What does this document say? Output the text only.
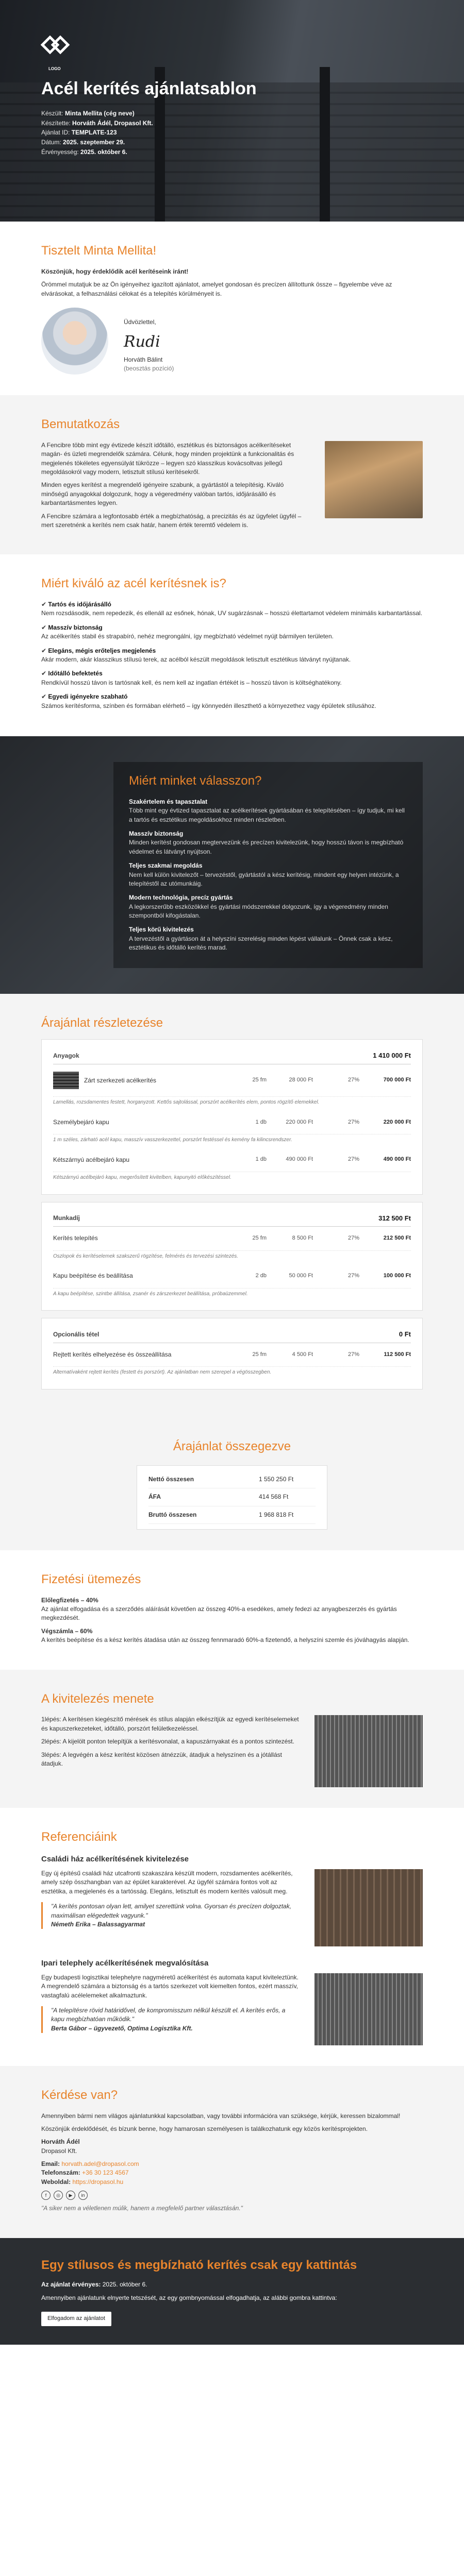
LOGO
Acél kerítés ajánlatsablon
Készült: Minta Mellita (cég neve)
Készítette: Horváth Ádél, Dropasol Kft.
Ajánlat ID: TEMPLATE-123
Dátum: 2025. szeptember 29.
Érvényesség: 2025. október 6.
Tisztelt Minta Mellita!

Köszönjük, hogy érdeklődik acél kerítéseink iránt!

Örömmel mutatjuk be az Ön igényeihez igazított ajánlatot, amelyet gondosan és precízen állítottunk össze – figyelembe véve az elvárásokat, a felhasználási célokat és a telepítés körülményeit is.

Üdvözlettel,
Rudi
Horváth Bálint
(beosztás pozíció)
Bemutatkozás

A Fencibre több mint egy évtizede készít időtálló, esztétikus és biztonságos acélkerítéseket magán- és üzleti megrendelők számára. Célunk, hogy minden projektünk a funkcionalitás és megjelenés tökéletes egyensúlyát tükrözze – legyen szó klasszikus kovácsoltvas jellegű megoldásokról vagy modern, letisztult stílusú kerítésekről.

Minden egyes kerítést a megrendelő igényeire szabunk, a gyártástól a telepítésig. Kiváló minőségű anyagokkal dolgozunk, hogy a végeredmény valóban tartós, időjárásálló és karbantartásmentes legyen.

A Fencibre számára a legfontosabb érték a megbízhatóság, a precizitás és az ügyfelet ügyfél – mert szeretnénk a kerítés nem csak határ, hanem érték teremtő védelem is.

Miért kiváló az acél kerítésnek is?
✔ Tartós és időjárásálló
Nem rozsdásodik, nem repedezik, és ellenáll az esőnek, hónak, UV sugárzásnak – hosszú élettartamot védelem minimális karbantartással.
✔ Masszív biztonság
Az acélkerítés stabil és strapabíró, nehéz megrongálni, így megbízható védelmet nyújt bármilyen területen.
✔ Elegáns, mégis erőteljes megjelenés
Akár modern, akár klasszikus stílusú terek, az acélból készült megoldások letisztult esztétikus látványt nyújtanak.
✔ Időtálló befektetés
Rendkívül hosszú távon is tartósnak kell, és nem kell az ingatlan értékét is – hosszú távon is költséghatékony.
✔ Egyedi igényekre szabható
Számos kerítésforma, színben és formában elérhető – így könnyedén illeszthető a környezethez vagy épületek stílusához.
Miért minket válasszon?
Szakértelem és tapasztalat
Több mint egy évtized tapasztalat az acélkerítések gyártásában és telepítésében – így tudjuk, mi kell a tartós és esztétikus megoldásokhoz minden részletben.
Masszív biztonság
Minden kerítést gondosan megtervezünk és precízen kivitelezünk, hogy hosszú távon is megbízható védelmet és látványt nyújtson.
Teljes szakmai megoldás
Nem kell külön kivitelezőt – tervezéstől, gyártástól a kész kerítésig, mindent egy helyen intézünk, a telepítéstől az utómunkáig.
Modern technológia, precíz gyártás
A legkorszerűbb eszközökkel és gyártási módszerekkel dolgozunk, így a végeredmény minden szempontból kifogástalan.
Teljes körű kivitelezés
A tervezéstől a gyártáson át a helyszíni szerelésig minden lépést vállalunk – Önnek csak a kész, esztétikus és időtálló kerítés marad.
Árajánlat részletezése
Anyagok	1 410 000 Ft
Zárt szerkezeti acélkerítés	25 fm	28 000 Ft	27%	700 000 Ft
Lamellás, rozsdamentes festett, horganyzott. Kettős sajtolással, porszórt acélkerítés elem, pontos rögzítő elemekkel.
Személybejáró kapu	1 db	220 000 Ft	27%	220 000 Ft
1 m széles, zárható acél kapu, masszív vasszerkezettel, porszórt festéssel és kemény fa kilincsrendszer.
Kétszárnyú acélbejáró kapu	1 db	490 000 Ft	27%	490 000 Ft
Kétszárnyú acélbejáró kapu, megerősített kivitelben, kapunyitó előkészítéssel.
Munkadíj	312 500 Ft
Kerítés telepítés	25 fm	8 500 Ft	27%	212 500 Ft
Oszlopok és kerítéselemek szakszerű rögzítése, felmérés és tervezési szintezés.
Kapu beépítése és beállítása	2 db	50 000 Ft	27%	100 000 Ft
A kapu beépítése, szintbe állítása, zsanér és zárszerkezet beállítása, próbaüzemmel.
Opcionális tétel	0 Ft
Rejtett kerítés elhelyezése és összeállítása	25 fm	4 500 Ft	27%	112 500 Ft
Alternatívaként rejtett kerítés (festett és porszórt). Az ajánlatban nem szerepel a végösszegben.
Árajánlat összegezve
Nettó összesen	1 550 250 Ft
ÁFA	414 568 Ft
Bruttó összesen	1 968 818 Ft
Fizetési ütemezés

Előlegfizetés – 40%
Az ajánlat elfogadása és a szerződés aláírását követően az összeg 40%-a esedékes, amely fedezi az anyagbeszerzés és gyártás megkezdését.

Végszámla – 60%
A kerítés beépítése és a kész kerítés átadása után az összeg fennmaradó 60%-a fizetendő, a helyszíni szemle és jóváhagyás alapján.

A kivitelezés menete

1lépés: A kerítésen kiegészítő mérések és stílus alapján elkészítjük az egyedi kerítéselemeket és kapuszerkezeteket, időtálló, porszórt felületkezeléssel.

2lépés: A kijelölt ponton telepítjük a kerítésvonalat, a kapuszárnyakat és a pontos szintezést.

3lépés: A legvégén a kész kerítést közösen átnézzük, átadjuk a helyszínen és a jótállást átadjuk.

Referenciáink
Családi ház acélkerítésének kivitelezése

Egy új építésű családi ház utcafronti szakaszára készült modern, rozsdamentes acélkerítés, amely szép összhangban van az épület karakterével. Az ügyfél számára fontos volt az esztétika, a megjelenés és a tartósság. Elegáns, letisztult és modern kerítés valósult meg.

"A kerítés pontosan olyan lett, amilyet szerettünk volna. Gyorsan és precízen dolgoztak, maximálisan elégedettek vagyunk."
Németh Erika – Balassagyarmat
Ipari telephely acélkerítésének megvalósítása

Egy budapesti logisztikai telephelyre nagyméretű acélkerítést és automata kaput kiviteleztünk. A megrendelő számára a biztonság és a tartós szerkezet volt kiemelten fontos, ezért masszív, vastagfalú acélelemeket alkalmaztunk.

"A telepítésre rövid határidővel, de kompromisszum nélkül készült el. A kerítés erős, a kapu megbízhatóan működik."
Berta Gábor – ügyvezető, Optima Logisztika Kft.
Kérdése van?

Amennyiben bármi nem világos ajánlatunkkal kapcsolatban, vagy további információra van szüksége, kérjük, keressen bizalommal!

Köszönjük érdeklődését, és bízunk benne, hogy hamarosan személyesen is találkozhatunk egy közös kerítésprojekten.

Horváth Ádél
Dropasol Kft.

Email: horvath.adel@dropasol.com
Telefonszám: +36 30 123 4567
Weboldal: https://dropasol.hu

f	◎	▶	in

"A siker nem a véletlenen múlik, hanem a megfelelő partner választásán."

Egy stílusos és megbízható kerítés csak egy kattintás

Az ajánlat érvényes: 2025. október 6.

Amennyiben ajánlatunk elnyerte tetszését, az egy gombnyomással elfogadhatja, az alábbi gombra kattintva:

Elfogadom az ajánlatot
